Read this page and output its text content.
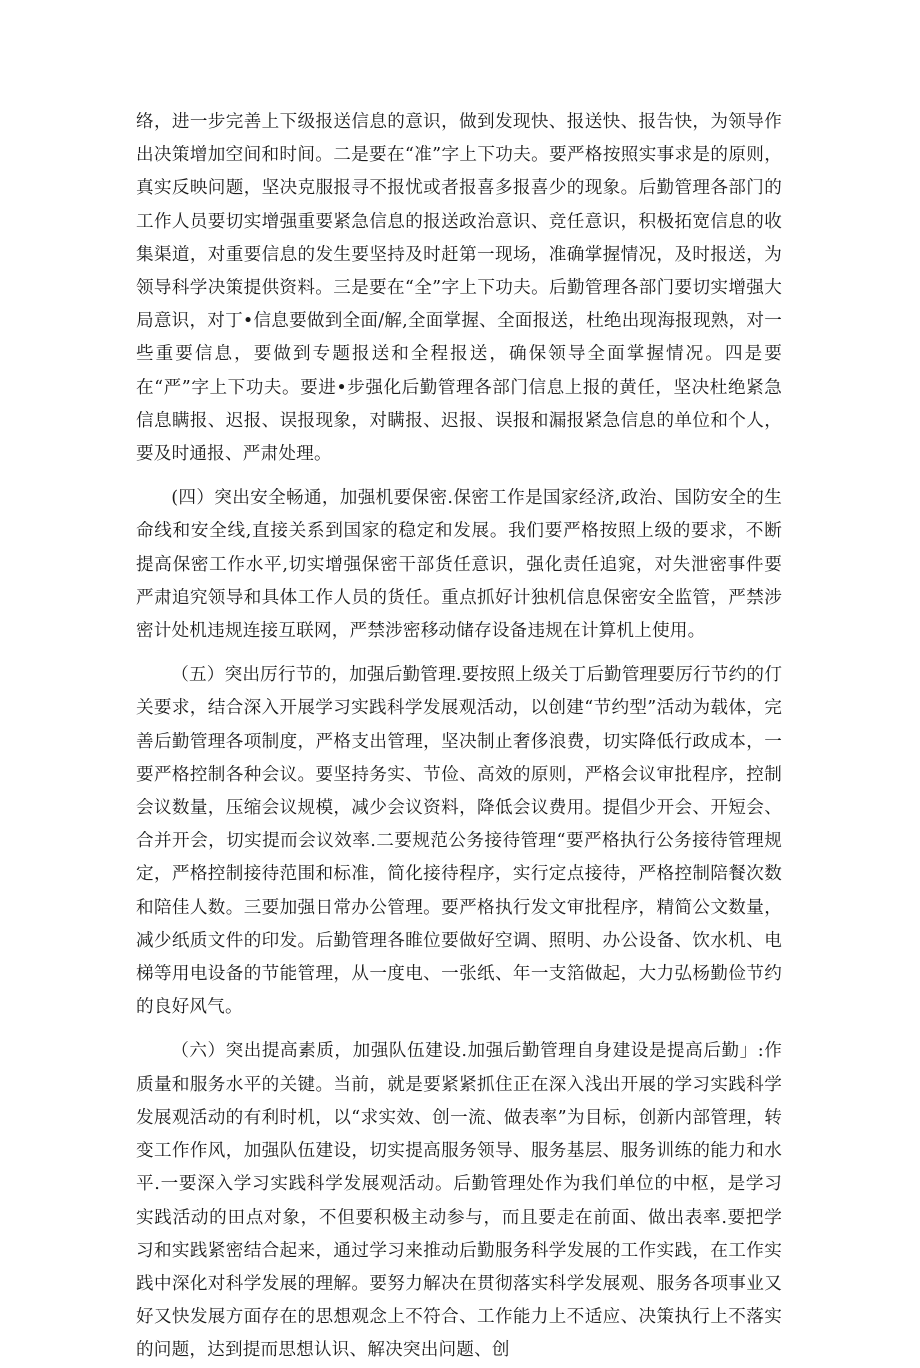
络，进一步完善上下级报送信息的意识，做到发现快、报送快、报告快，为领导作出决策增加空间和时间。二是要在“准”字上下功夫。要严格按照实事求是的原则，真实反映问题，坚决克服报寻不报忧或者报喜多报喜少的现象。后勤管理各部门的工作人员要切实增强重要紧急信息的报送政治意识、竞任意识，积极拓宽信息的收集渠道，对重要信息的发生要坚持及时赶第一现场，准确掌握情况，及时报送，为领导科学决策提供资料。三是要在“全”字上下功夫。后勤管理各部门要切实增强大局意识，对丁•信息要做到全面/解,全面掌握、全面报送，杜绝出现海报现熟，对一些重要信息，要做到专题报送和全程报送，确保领导全面掌握情况。四是要在“严”字上下功夫。要进•步强化后勤管理各部门信息上报的黄任，坚决杜绝紧急信息瞒报、迟报、误报现象，对瞒报、迟报、误报和漏报紧急信息的单位和个人，要及时通报、严肃处理。

(四）突出安全畅通，加强机要保密.保密工作是国家经济,政治、国防安全的生命线和安全线,直接关系到国家的稳定和发展。我们要严格按照上级的要求，不断提高保密工作水平,切实增强保密干部货任意识，强化责任追窕，对失泄密事件要严肃追究领导和具体工作人员的货任。重点抓好计独机信息保密安全监管，严禁涉密计处机违规连接互联网，严禁涉密移动储存设备违规在计算机上使用。

（五）突出厉行节的，加强后勤管理.要按照上级关丁后勤管理要厉行节约的仃关要求，结合深入开展学习实践科学发展观活动，以创建“节约型”活动为载体，完善后勤管理各项制度，严格支出管理，坚决制止奢侈浪费，切实降低行政成本，一要严格控制各种会议。要坚持务实、节俭、高效的原则，严格会议审批程序，控制会议数量，压缩会议规模，减少会议资料，降低会议费用。提倡少开会、开短会、合并开会，切实提而会议效率.二要规范公务接待管理“要严格执行公务接待管理规定，严格控制接待范围和标准，简化接待程序，实行定点接待，严格控制陪餐次数和陪佳人数。三要加强日常办公管理。要严格执行发文审批程序，精简公文数量，减少纸质文件的印发。后勤管理各睢位要做好空调、照明、办公设备、饮水机、电梯等用电设备的节能管理，从一度电、一张纸、年一支箔做起，大力弘杨勤俭节约的良好风气。

（六）突出提高素质，加强队伍建设.加强后勤管理自身建设是提高后勤」:作质量和服务水平的关键。当前，就是要紧紧抓住正在深入浅出开展的学习实践科学发展观活动的有利时机，以“求实效、创一流、做表率”为目标，创新内部管理，转变工作作风，加强队伍建设，切实提高服务领导、服务基层、服务训练的能力和水平.一要深入学习实践科学发展观活动。后勤管理处作为我们单位的中枢，是学习实践活动的田点对象，不但要积极主动参与，而且要走在前面、做出表率.要把学习和实践紧密结合起来，通过学习来推动后勤服务科学发展的工作实践，在工作实践中深化对科学发展的理解。要努力解决在贯彻落实科学发展观、服务各项事业又好又快发展方面存在的思想观念上不符合、工作能力上不适应、决策执行上不落实的问题，达到提而思想认识、解决突出问题、创
